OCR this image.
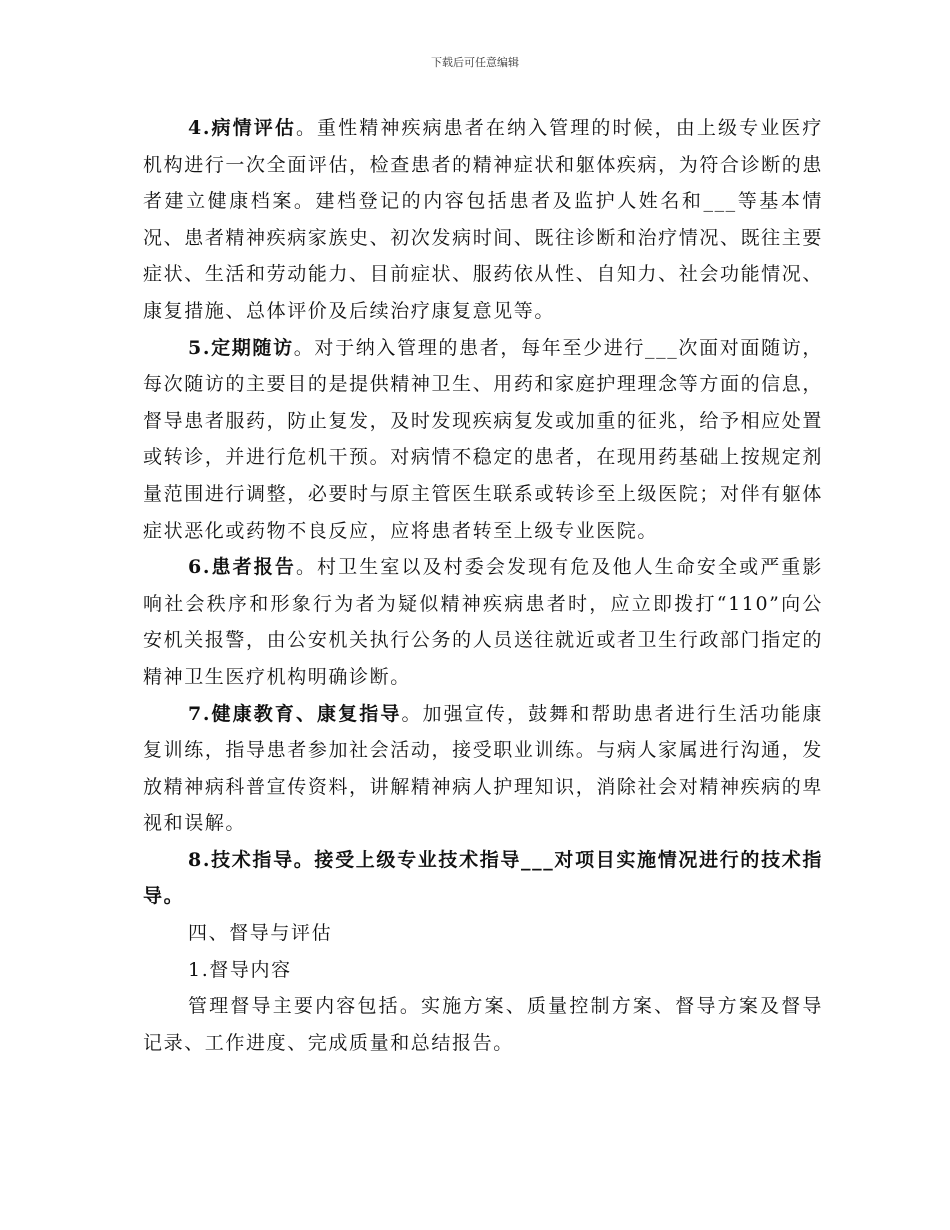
下载后可任意编辑

4.病情评估。重性精神疾病患者在纳入管理的时候，由上级专业医疗机构进行一次全面评估，检查患者的精神症状和躯体疾病，为符合诊断的患者建立健康档案。建档登记的内容包括患者及监护人姓名和___等基本情况、患者精神疾病家族史、初次发病时间、既往诊断和治疗情况、既往主要症状、生活和劳动能力、目前症状、服药依从性、自知力、社会功能情况、康复措施、总体评价及后续治疗康复意见等。

5.定期随访。对于纳入管理的患者，每年至少进行___次面对面随访，每次随访的主要目的是提供精神卫生、用药和家庭护理理念等方面的信息，督导患者服药，防止复发，及时发现疾病复发或加重的征兆，给予相应处置或转诊，并进行危机干预。对病情不稳定的患者，在现用药基础上按规定剂量范围进行调整，必要时与原主管医生联系或转诊至上级医院；对伴有躯体症状恶化或药物不良反应，应将患者转至上级专业医院。

6.患者报告。村卫生室以及村委会发现有危及他人生命安全或严重影响社会秩序和形象行为者为疑似精神疾病患者时，应立即拨打“110”向公安机关报警，由公安机关执行公务的人员送往就近或者卫生行政部门指定的精神卫生医疗机构明确诊断。

7.健康教育、康复指导。加强宣传，鼓舞和帮助患者进行生活功能康复训练，指导患者参加社会活动，接受职业训练。与病人家属进行沟通，发放精神病科普宣传资料，讲解精神病人护理知识，消除社会对精神疾病的卑视和误解。

8.技术指导。接受上级专业技术指导___对项目实施情况进行的技术指导。

四、督导与评估

1.督导内容

管理督导主要内容包括。实施方案、质量控制方案、督导方案及督导记录、工作进度、完成质量和总结报告。
